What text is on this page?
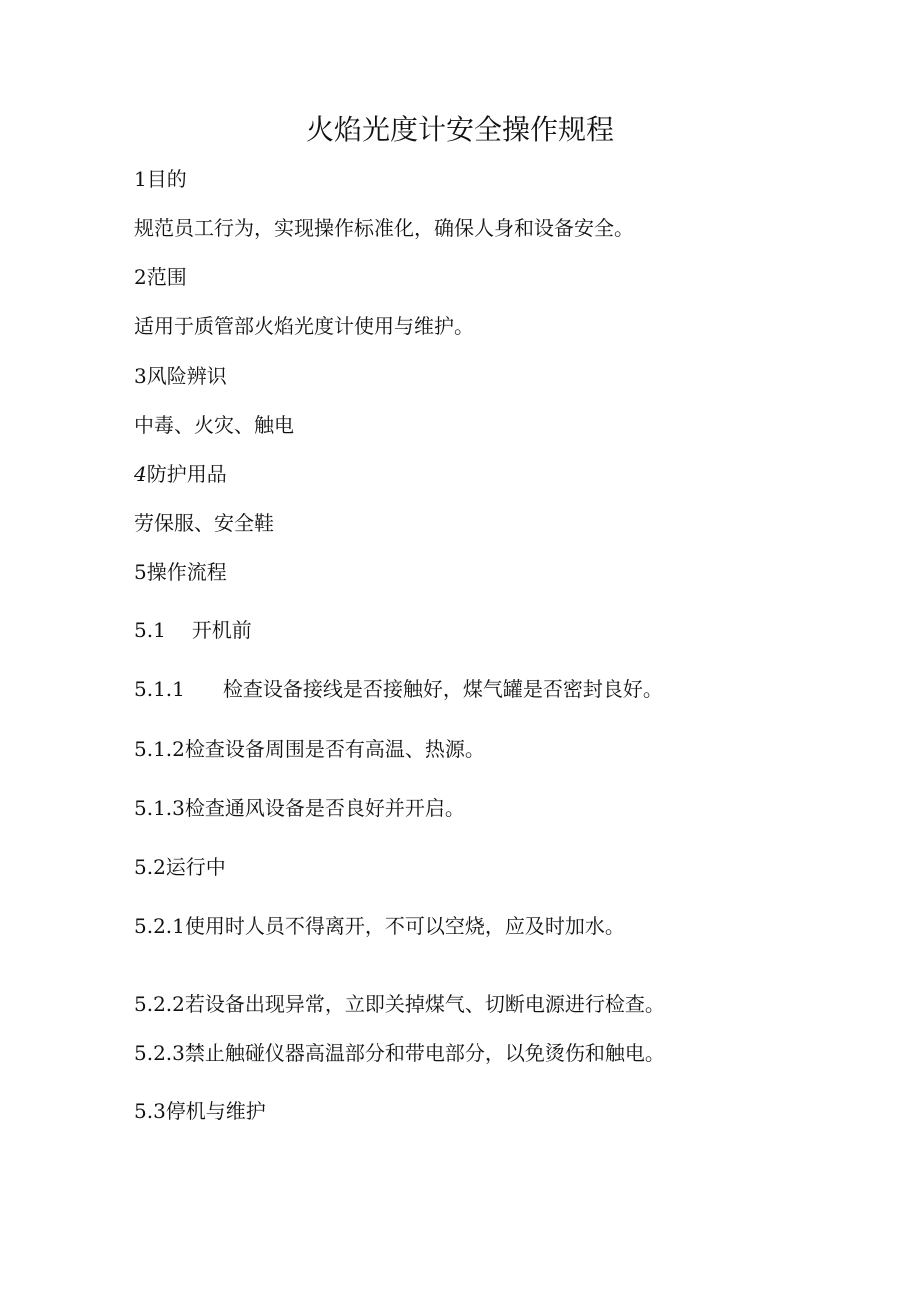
火焰光度计安全操作规程
1目的
规范员工行为，实现操作标准化，确保人身和设备安全。
2范围
适用于质管部火焰光度计使用与维护。
3风险辨识
中毒、火灾、触电
4防护用品
劳保服、安全鞋
5操作流程
5.1 开机前
5.1.1 检查设备接线是否接触好，煤气罐是否密封良好。
5.1.2检查设备周围是否有高温、热源。
5.1.3检查通风设备是否良好并开启。
5.2运行中
5.2.1使用时人员不得离开，不可以空烧，应及时加水。
5.2.2若设备出现异常，立即关掉煤气、切断电源进行检查。
5.2.3禁止触碰仪器高温部分和带电部分，以免烫伤和触电。
5.3停机与维护
